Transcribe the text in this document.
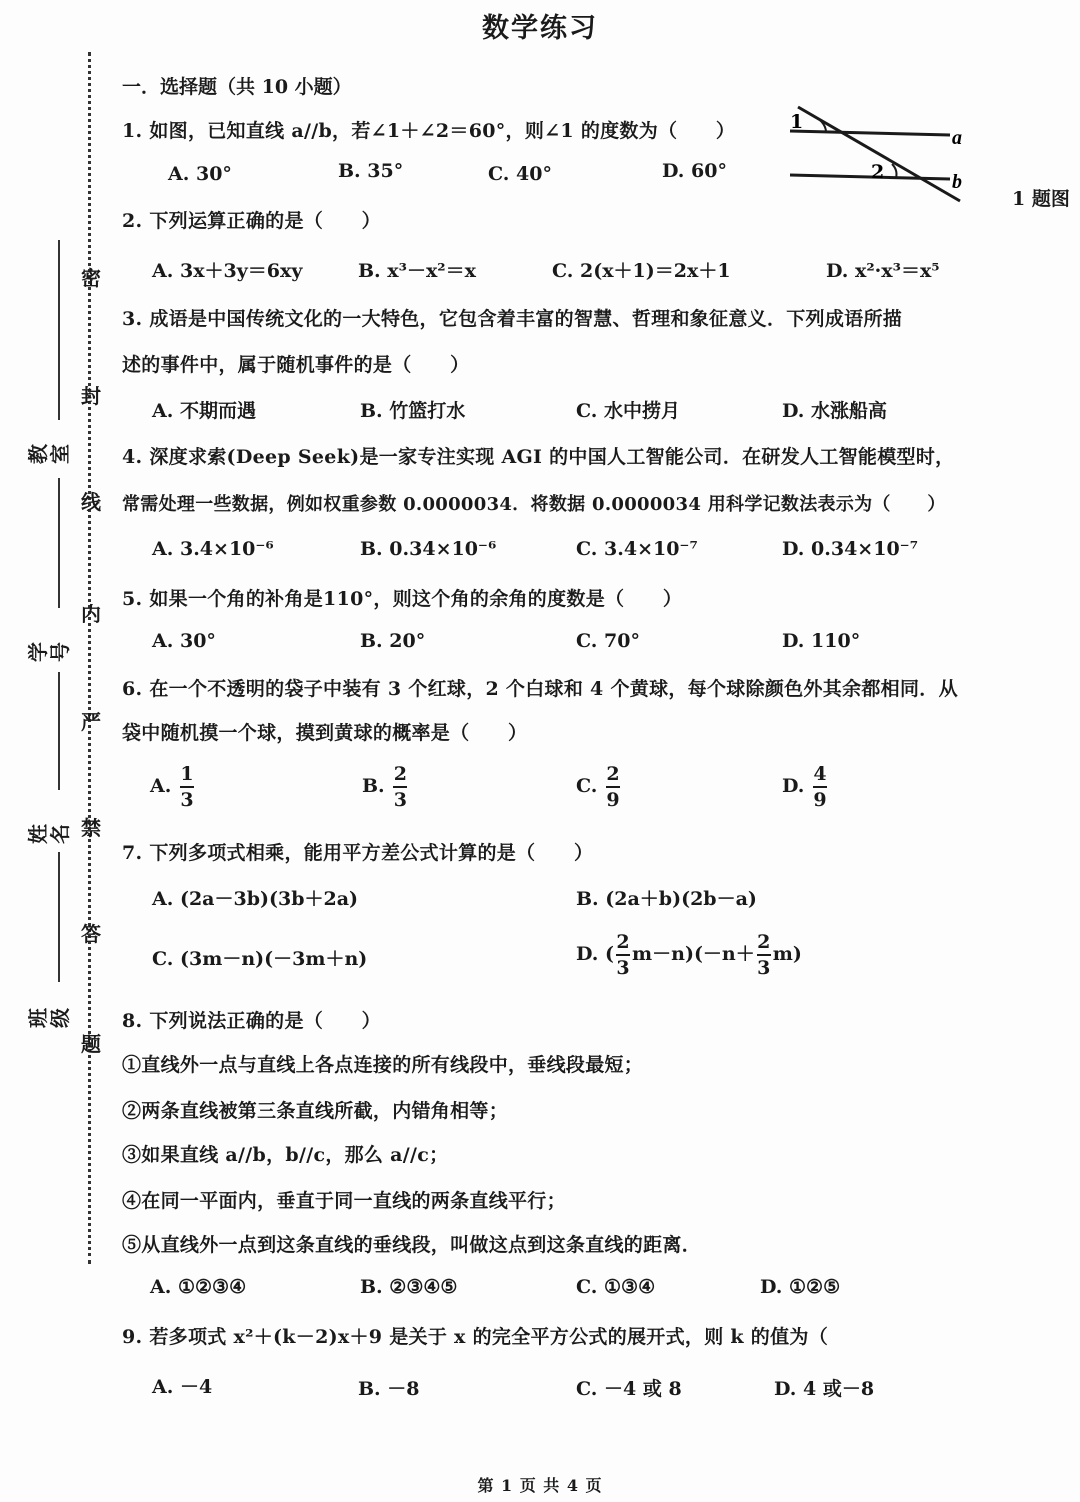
数学练习
密
封
线
内
严
禁
答
题
教室
学号
姓名
班级
一．选择题（共 10 小题）
1. 如图，已知直线 a//b，若∠1＋∠2＝60°，则∠1 的度数为（　　）
A. 30°	B. 35°	C. 40°	D. 60°
1
2
a
b
1 题图
2. 下列运算正确的是（　　）
A. 3x＋3y＝6xy	B. x³－x²＝x	C. 2(x＋1)＝2x＋1	D. x²·x³＝x⁵
3. 成语是中国传统文化的一大特色，它包含着丰富的智慧、哲理和象征意义．下列成语所描
述的事件中，属于随机事件的是（　　）
A. 不期而遇	B. 竹篮打水	C. 水中捞月	D. 水涨船高
4. 深度求索(Deep Seek)是一家专注实现 AGI 的中国人工智能公司．在研发人工智能模型时，
常需处理一些数据，例如权重参数 0.0000034．将数据 0.0000034 用科学记数法表示为（　　）
A. 3.4×10⁻⁶	B. 0.34×10⁻⁶	C. 3.4×10⁻⁷	D. 0.34×10⁻⁷
5. 如果一个角的补角是110°，则这个角的余角的度数是（　　）
A. 30°	B. 20°	C. 70°	D. 110°
6. 在一个不透明的袋子中装有 3 个红球，2 个白球和 4 个黄球，每个球除颜色外其余都相同．从
袋中随机摸一个球，摸到黄球的概率是（　　）
A. $\frac{1}{3}$	B. $\frac{2}{3}$	C. $\frac{2}{9}$	D. $\frac{4}{9}$
7. 下列多项式相乘，能用平方差公式计算的是（　　）
A. (2a－3b)(3b＋2a)	B. (2a＋b)(2b－a)
C. (3m－n)(－3m＋n)	D. ( $\frac{2}{3} m-n)(-n+ \frac{2}{3} m)$
8. 下列说法正确的是（　　）
①直线外一点与直线上各点连接的所有线段中，垂线段最短；
②两条直线被第三条直线所截，内错角相等；
③如果直线 a//b，b//c，那么 a//c；
④在同一平面内，垂直于同一直线的两条直线平行；
⑤从直线外一点到这条直线的垂线段，叫做这点到这条直线的距离．
A. ①②③④	B. ②③④⑤	C. ①③④	D. ①②⑤
9. 若多项式 x²＋(k－2)x＋9 是关于 x 的完全平方公式的展开式，则 k 的值为（
A. －4	B. －8	C. －4 或 8	D. 4 或－8
第 1 页 共 4 页
